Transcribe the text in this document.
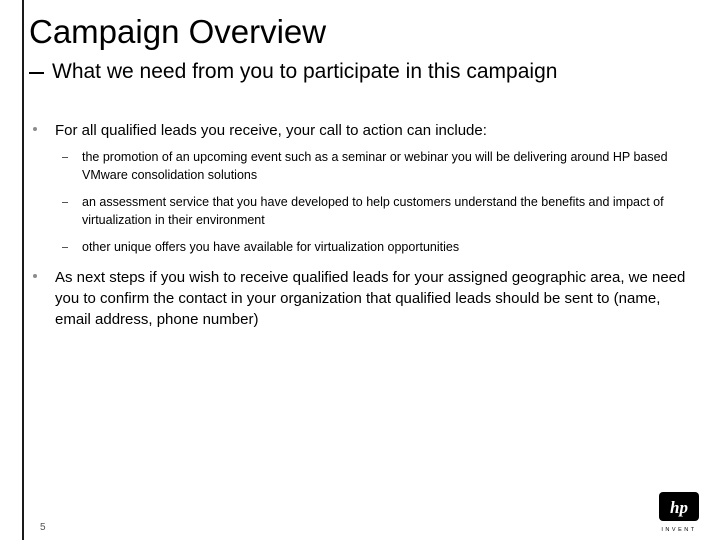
Campaign Overview
What we need from you to participate in this campaign
For all qualified leads you receive, your call to action can include:
the promotion of an upcoming event such as a seminar or webinar you will be delivering around HP based VMware consolidation solutions
an assessment service that you have developed to help customers understand the benefits and impact of virtualization in their environment
other unique offers you have available for virtualization opportunities
As next steps if you wish to receive qualified leads for your assigned geographic area, we need you to confirm the contact in your organization that qualified leads should be sent to (name, email address, phone number)
5
hp
INVENT
